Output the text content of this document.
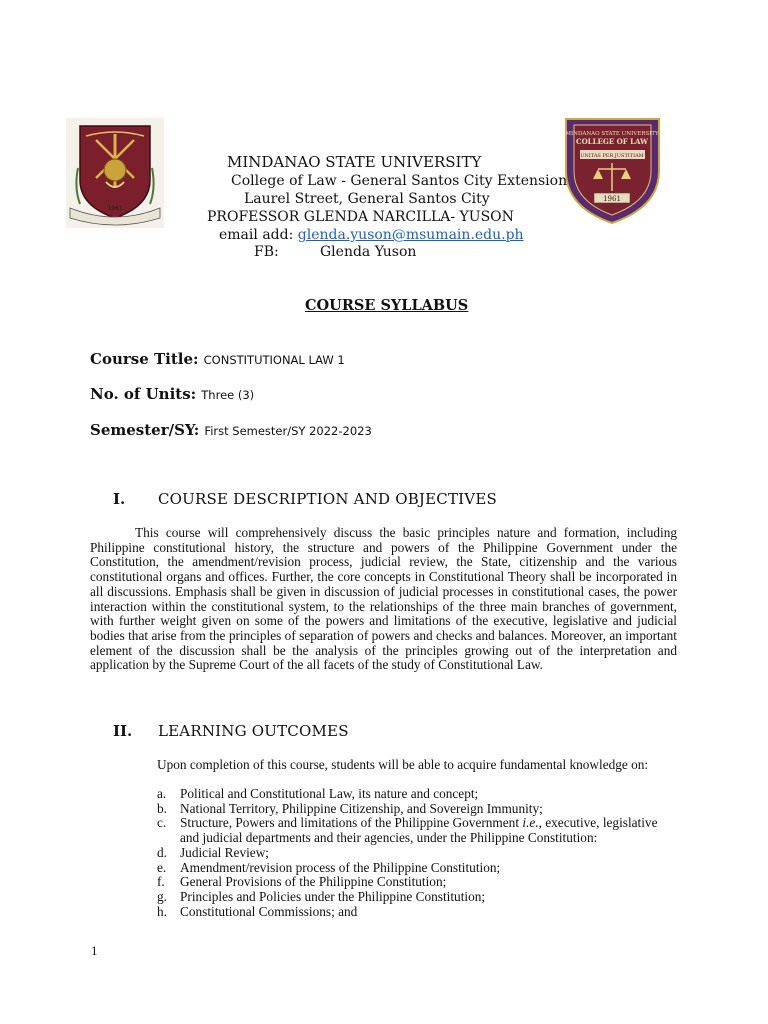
1961
MINDANAO STATE UNIVERSITY
COLLEGE OF LAW
UNITAS PER JUSTITIAM
1961
MINDANAO STATE UNIVERSITY
College of Law - General Santos City Extension
Laurel Street, General Santos City
PROFESSOR GLENDA NARCILLA- YUSON
email add: glenda.yuson@msumain.edu.ph
FB:	Glenda Yuson
COURSE SYLLABUS
Course Title: CONSTITUTIONAL LAW 1
No. of Units: Three (3)
Semester/SY: First Semester/SY 2022-2023
I. COURSE DESCRIPTION AND OBJECTIVES
This course will comprehensively discuss the basic principles nature and formation, including Philippine constitutional history, the structure and powers of the Philippine Government under the Constitution, the amendment/revision process, judicial review, the State, citizenship and the various constitutional organs and offices. Further, the core concepts in Constitutional Theory shall be incorporated in all discussions. Emphasis shall be given in discussion of judicial processes in constitutional cases, the power interaction within the constitutional system, to the relationships of the three main branches of government, with further weight given on some of the powers and limitations of the executive, legislative and judicial bodies that arise from the principles of separation of powers and checks and balances. Moreover, an important element of the discussion shall be the analysis of the principles growing out of the interpretation and application by the Supreme Court of the all facets of the study of Constitutional Law.
II. LEARNING OUTCOMES
Upon completion of this course, students will be able to acquire fundamental knowledge on:
a. Political and Constitutional Law, its nature and concept;
b. National Territory, Philippine Citizenship, and Sovereign Immunity;
c. Structure, Powers and limitations of the Philippine Government i.e., executive, legislative and judicial departments and their agencies, under the Philippine Constitution:
d. Judicial Review;
e. Amendment/revision process of the Philippine Constitution;
f. General Provisions of the Philippine Constitution;
g. Principles and Policies under the Philippine Constitution;
h. Constitutional Commissions; and
1
